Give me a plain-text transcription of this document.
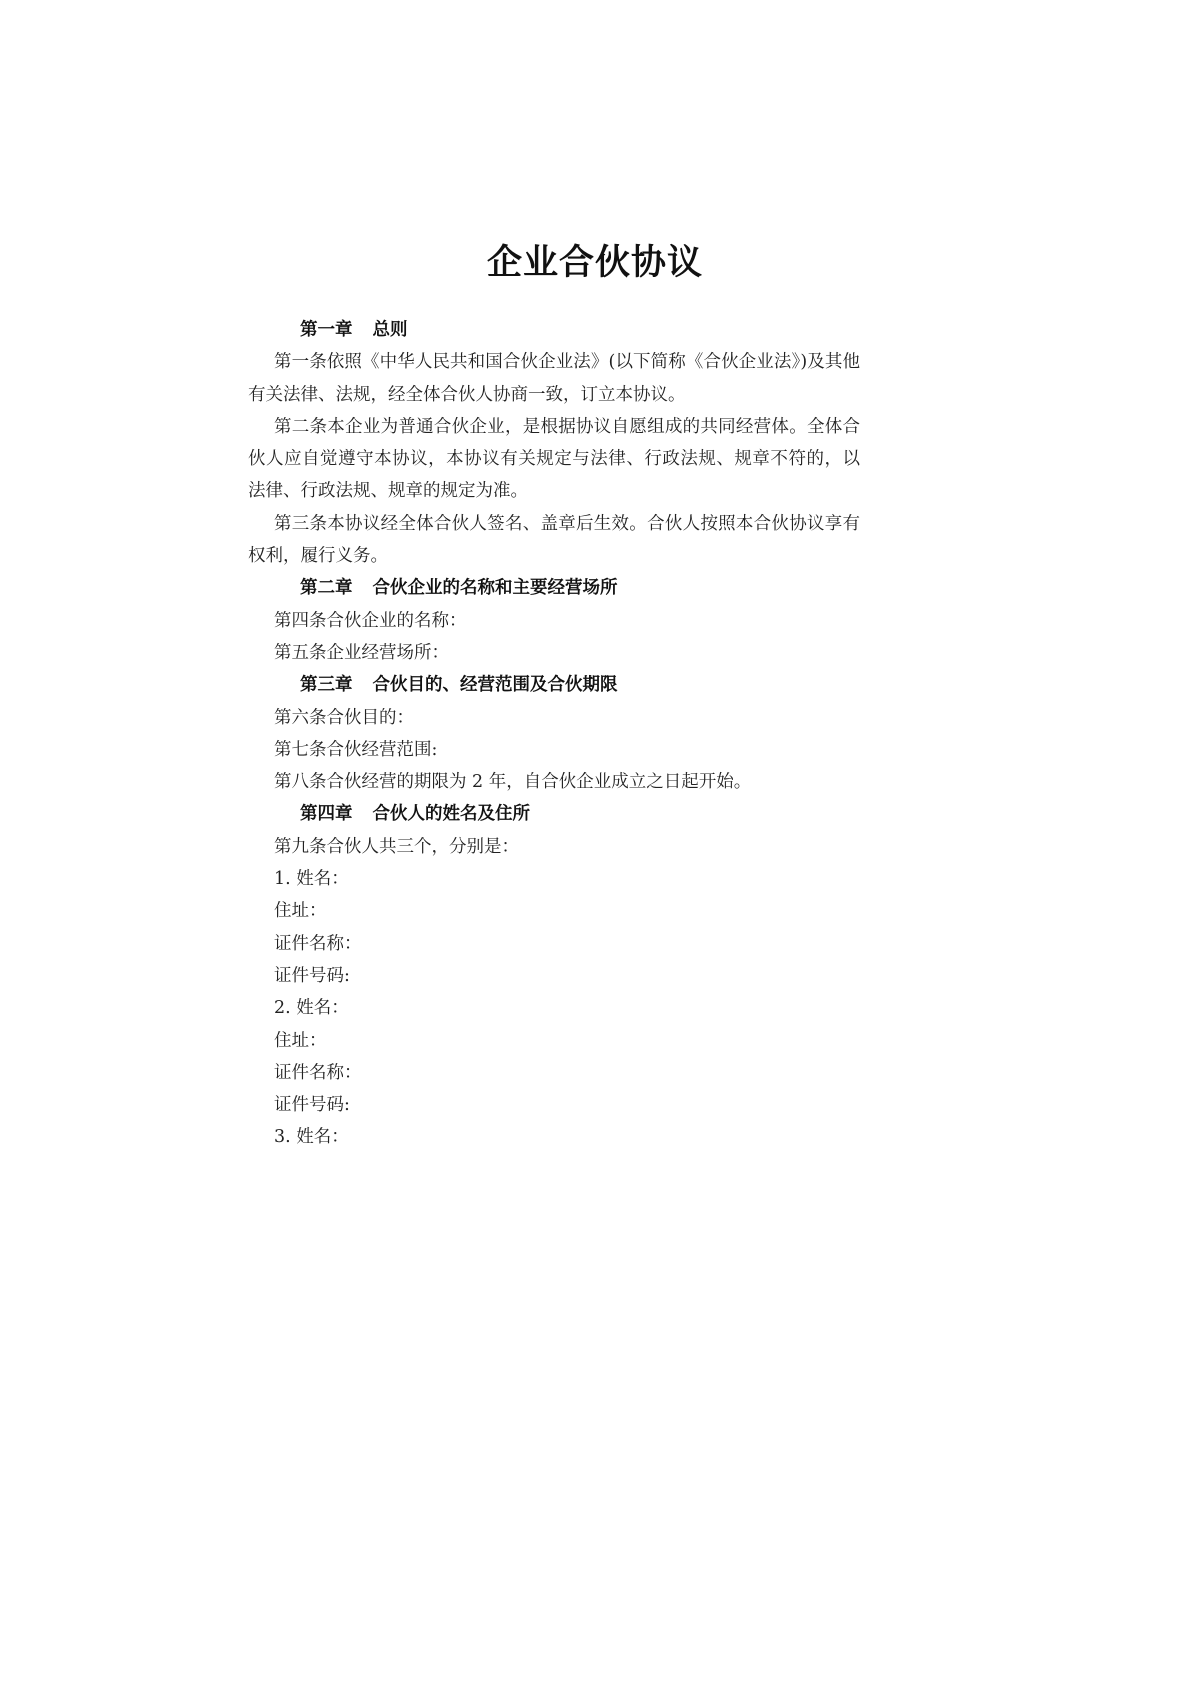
企业合伙协议

第一章 总则

第一条依照《中华人民共和国合伙企业法》(以下简称《合伙企业法》)及其他有关法律、法规，经全体合伙人协商一致，订立本协议。

第二条本企业为普通合伙企业，是根据协议自愿组成的共同经营体。全体合伙人应自觉遵守本协议，本协议有关规定与法律、行政法规、规章不符的，以法律、行政法规、规章的规定为准。

第三条本协议经全体合伙人签名、盖章后生效。合伙人按照本合伙协议享有权利，履行义务。

第二章 合伙企业的名称和主要经营场所

第四条合伙企业的名称：

第五条企业经营场所：

第三章 合伙目的、经营范围及合伙期限

第六条合伙目的：

第七条合伙经营范围:

第八条合伙经营的期限为 2 年，自合伙企业成立之日起开始。

第四章 合伙人的姓名及住所

第九条合伙人共三个，分别是：

1. 姓名：

住址：

证件名称：

证件号码:

2. 姓名：

住址：

证件名称：

证件号码:

3. 姓名：
